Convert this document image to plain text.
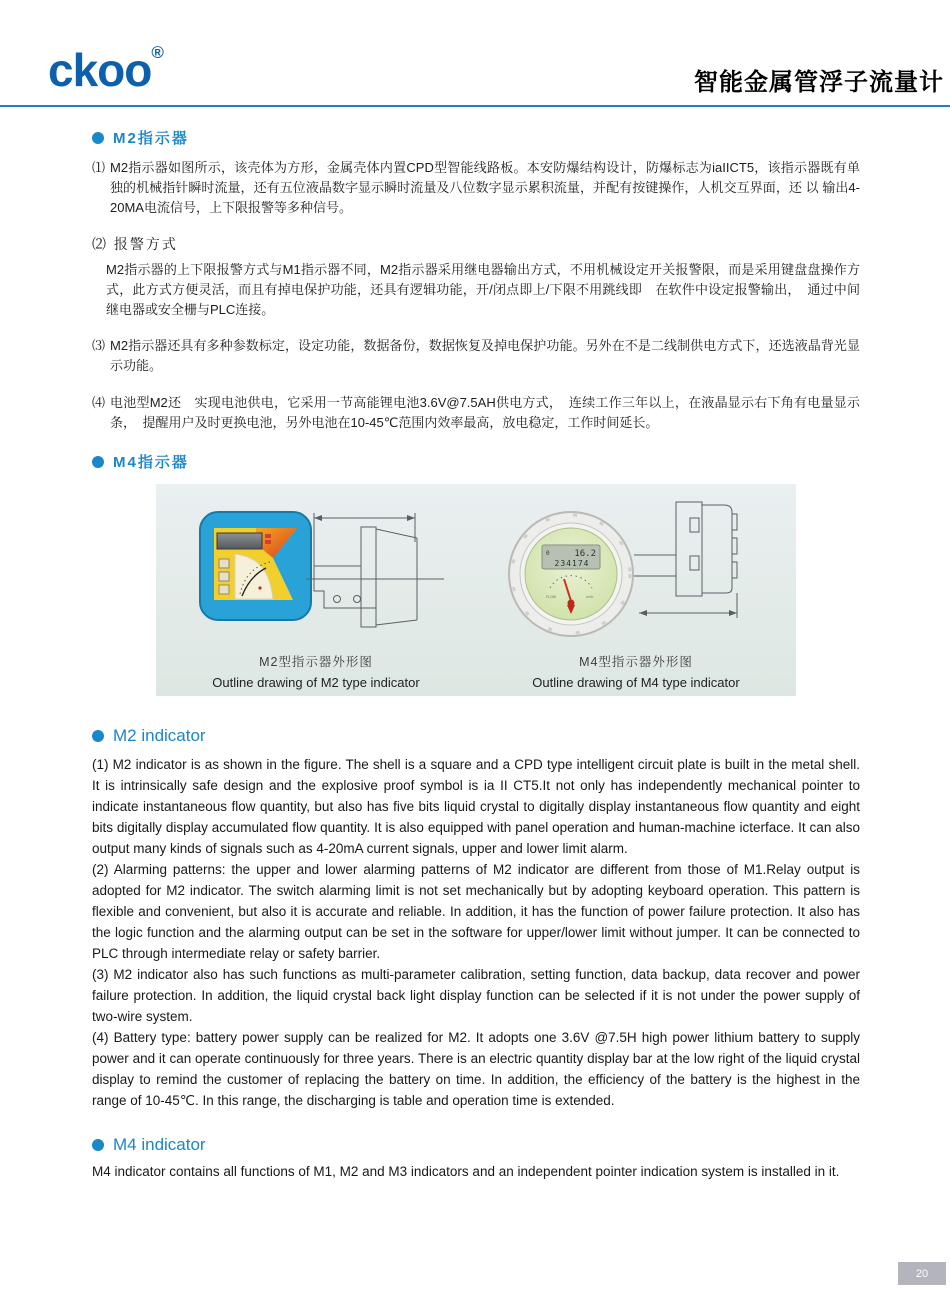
ckoo®
智能金属管浮子流量计
M2指示器
⑴ M2指示器如图所示，该壳体为方形，金属壳体内置CPD型智能线路板。本安防爆结构设计，防爆标志为iaIICT5，该指示器既有单独的机械指针瞬时流量，还有五位液晶数字显示瞬时流量及八位数字显示累积流量，并配有按键操作，人机交互界面，还 以 输出4-20MA电流信号，上下限报警等多种信号。
⑵ 报警方式
M2指示器的上下限报警方式与M1指示器不同，M2指示器采用继电器输出方式，不用机械设定开关报警限，而是采用键盘盘操作方式，此方式方便灵活，而且有掉电保护功能，还具有逻辑功能，开/闭点即上/下限不用跳线即　在软件中设定报警输出，　通过中间继电器或安全栅与PLC连接。
⑶ M2指示器还具有多种参数标定，设定功能，数据备份，数据恢复及掉电保护功能。另外在不是二线制供电方式下，还选液晶背光显示功能。
⑷ 电池型M2还　实现电池供电，它采用一节高能锂电池3.6V@7.5AH供电方式，　连续工作三年以上，在液晶显示右下角有电量显示条，　提醒用户及时更换电池，另外电池在10-45℃范围内效率最高，放电稳定，工作时间延长。
M4指示器
0	16.2
234174
FLOW	m³/h
M2型指示器外形图
Outline drawing of M2 type indicator
M4型指示器外形图
Outline drawing of M4 type indicator
M2 indicator

(1) M2 indicator is as shown in the figure. The shell is a square and a CPD type intelligent circuit plate is built in the metal shell. It is intrinsically safe design and the explosive proof symbol is ia II CT5.It not only has independently mechanical pointer to indicate instantaneous flow quantity, but also has five bits liquid crystal to digitally display instantaneous flow quantity and eight bits digitally display accumulated flow quantity. It is also equipped with panel operation and human-machine icterface. It can also output many kinds of signals such as 4-20mA current signals, upper and lower limit alarm.

(2) Alarming patterns: the upper and lower alarming patterns of M2 indicator are different from those of M1.Relay output is adopted for M2 indicator. The switch alarming limit is not set mechanically but by adopting keyboard operation. This pattern is flexible and convenient, but also it is accurate and reliable. In addition, it has the function of power failure protection. It also has the logic function and the alarming output can be set in the software for upper/lower limit without jumper. It can be connected to PLC through intermediate relay or safety barrier.

(3) M2 indicator also has such functions as multi-parameter calibration, setting function, data backup, data recover and power failure protection. In addition, the liquid crystal back light display function can be selected if it is not under the power supply of two-wire system.

(4) Battery type: battery power supply can be realized for M2. It adopts one 3.6V @7.5H high power lithium battery to supply power and it can operate continuously for three years. There is an electric quantity display bar at the low right of the liquid crystal display to remind the customer of replacing the battery on time. In addition, the efficiency of the battery is the highest in the range of 10-45℃. In this range, the discharging is table and operation time is extended.

M4 indicator
M4 indicator contains all functions of M1, M2 and M3 indicators and an independent pointer indication system is installed in it.
20
